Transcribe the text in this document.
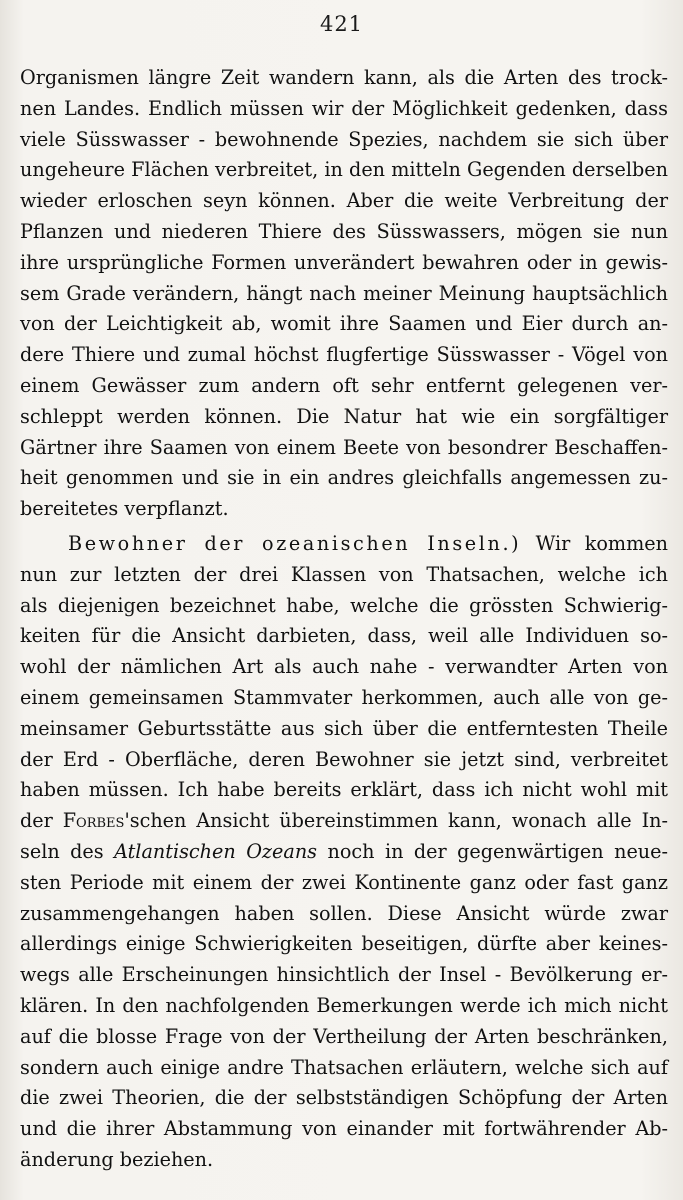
421
Organismen längre Zeit wandern kann, als die Arten des trock-
nen Landes. Endlich müssen wir der Möglichkeit gedenken, dass
viele Süsswasser - bewohnende Spezies, nachdem sie sich über
ungeheure Flächen verbreitet, in den mitteln Gegenden derselben
wieder erloschen seyn können. Aber die weite Verbreitung der
Pflanzen und niederen Thiere des Süsswassers, mögen sie nun
ihre ursprüngliche Formen unverändert bewahren oder in gewis-
sem Grade verändern, hängt nach meiner Meinung hauptsächlich
von der Leichtigkeit ab, womit ihre Saamen und Eier durch an-
dere Thiere und zumal höchst flugfertige Süsswasser - Vögel von
einem Gewässer zum andern oft sehr entfernt gelegenen ver-
schleppt werden können. Die Natur hat wie ein sorgfältiger
Gärtner ihre Saamen von einem Beete von besondrer Beschaffen-
heit genommen und sie in ein andres gleichfalls angemessen zu-
bereitetes verpflanzt.
Bewohner der ozeanischen Inseln.) Wir kommen
nun zur letzten der drei Klassen von Thatsachen, welche ich
als diejenigen bezeichnet habe, welche die grössten Schwierig-
keiten für die Ansicht darbieten, dass, weil alle Individuen so-
wohl der nämlichen Art als auch nahe - verwandter Arten von
einem gemeinsamen Stammvater herkommen, auch alle von ge-
meinsamer Geburtsstätte aus sich über die entferntesten Theile
der Erd - Oberfläche, deren Bewohner sie jetzt sind, verbreitet
haben müssen. Ich habe bereits erklärt, dass ich nicht wohl mit
der Forbes'schen Ansicht übereinstimmen kann, wonach alle In-
seln des Atlantischen Ozeans noch in der gegenwärtigen neue-
sten Periode mit einem der zwei Kontinente ganz oder fast ganz
zusammengehangen haben sollen. Diese Ansicht würde zwar
allerdings einige Schwierigkeiten beseitigen, dürfte aber keines-
wegs alle Erscheinungen hinsichtlich der Insel - Bevölkerung er-
klären. In den nachfolgenden Bemerkungen werde ich mich nicht
auf die blosse Frage von der Vertheilung der Arten beschränken,
sondern auch einige andre Thatsachen erläutern, welche sich auf
die zwei Theorien, die der selbstständigen Schöpfung der Arten
und die ihrer Abstammung von einander mit fortwährender Ab-
änderung beziehen.
